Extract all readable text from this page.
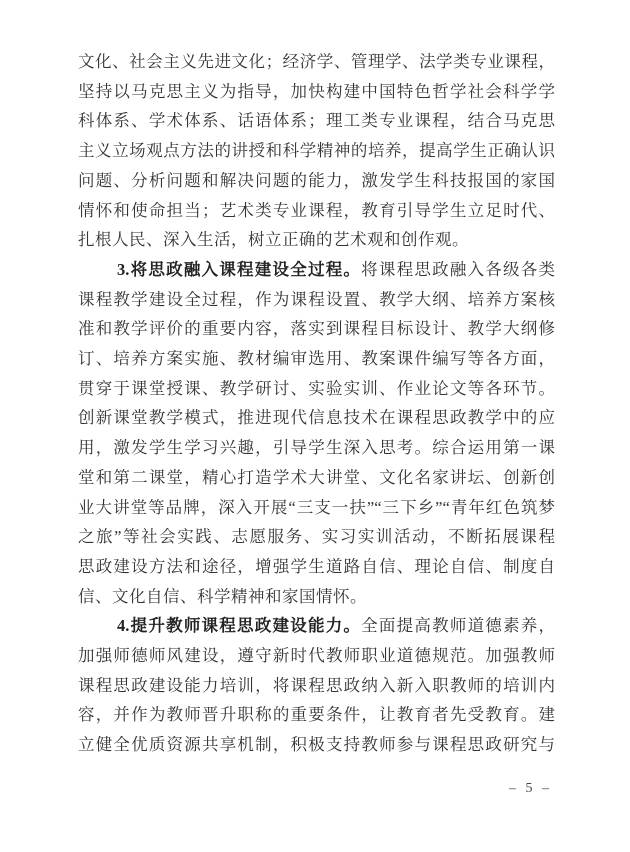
文化、社会主义先进文化；经济学、管理学、法学类专业课程，
坚持以马克思主义为指导，加快构建中国特色哲学社会科学学
科体系、学术体系、话语体系；理工类专业课程，结合马克思
主义立场观点方法的讲授和科学精神的培养，提高学生正确认识
问题、分析问题和解决问题的能力，激发学生科技报国的家国
情怀和使命担当；艺术类专业课程，教育引导学生立足时代、
扎根人民、深入生活，树立正确的艺术观和创作观。
3.将思政融入课程建设全过程。将课程思政融入各级各类
课程教学建设全过程，作为课程设置、教学大纲、培养方案核
准和教学评价的重要内容，落实到课程目标设计、教学大纲修
订、培养方案实施、教材编审选用、教案课件编写等各方面，
贯穿于课堂授课、教学研讨、实验实训、作业论文等各环节。
创新课堂教学模式，推进现代信息技术在课程思政教学中的应
用，激发学生学习兴趣，引导学生深入思考。综合运用第一课
堂和第二课堂，精心打造学术大讲堂、文化名家讲坛、创新创
业大讲堂等品牌，深入开展“三支一扶”“三下乡”“青年红色筑梦
之旅”等社会实践、志愿服务、实习实训活动，不断拓展课程
思政建设方法和途径，增强学生道路自信、理论自信、制度自
信、文化自信、科学精神和家国情怀。
4.提升教师课程思政建设能力。全面提高教师道德素养，
加强师德师风建设，遵守新时代教师职业道德规范。加强教师
课程思政建设能力培训，将课程思政纳入新入职教师的培训内
容，并作为教师晋升职称的重要条件，让教育者先受教育。建
立健全优质资源共享机制，积极支持教师参与课程思政研究与
– 5 –
